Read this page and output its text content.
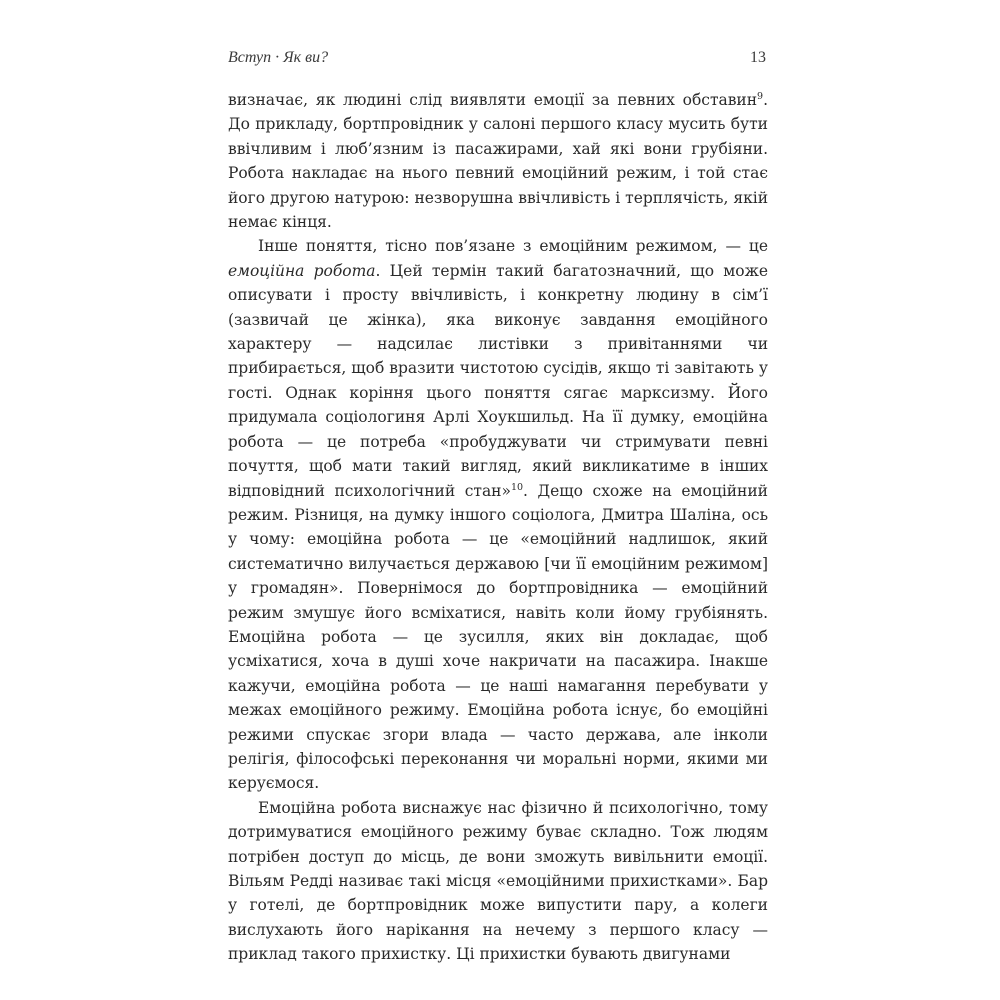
Вступ · Як ви?	13

визначає, як людині слід виявляти емоції за певних обставин$^9$. До прикладу, бортпровідник у салоні першого класу мусить бути ввічливим і люб’язним із пасажирами, хай які вони грубіяни. Робота накладає на нього певний емоційний режим, і той стає його другою натурою: незворушна ввічливість і терплячість, якій немає кінця.

Інше поняття, тісно пов’язане з емоційним режимом, — це емоційна робота. Цей термін такий багатозначний, що може описувати і просту ввічливість, і конкретну людину в сім’ї (зазвичай це жінка), яка виконує завдання емоційного характеру — надсилає листівки з привітаннями чи прибирається, щоб вразити чистотою сусідів, якщо ті завітають у гості. Однак коріння цього поняття сягає марксизму. Його придумала соціологиня Арлі Хоукшильд. На її думку, емоційна робота — це потреба «пробуджувати чи стримувати певні почуття, щоб мати такий вигляд, який викликатиме в інших відповідний психологічний стан»$^{10}$. Дещо схоже на емоційний режим. Різниця, на думку іншого соціолога, Дмитра Шаліна, ось у чому: емоційна робота — це «емоційний надлишок, який систематично вилучається державою [чи її емоційним режимом] у громадян». Повернімося до бортпровідника — емоційний режим змушує його всміхатися, навіть коли йому грубіянять. Емоційна робота — це зусилля, яких він докладає, щоб усміхатися, хоча в душі хоче накричати на пасажира. Інакше кажучи, емоційна робота — це наші намагання перебувати у межах емоційного режиму. Емоційна робота існує, бо емоційні режими спускає згори влада — часто держава, але інколи релігія, філософські переконання чи моральні норми, якими ми керуємося.

Емоційна робота виснажує нас фізично й психологічно, тому дотримуватися емоційного режиму буває складно. Тож людям потрібен доступ до місць, де вони зможуть вивільнити емоції. Вільям Редді називає такі місця «емоційними прихистками». Бар у готелі, де бортпровідник може випустити пару, а колеги вислухають його нарікання на нечему з першого класу — приклад такого прихистку. Ці прихистки бувають двигунами
